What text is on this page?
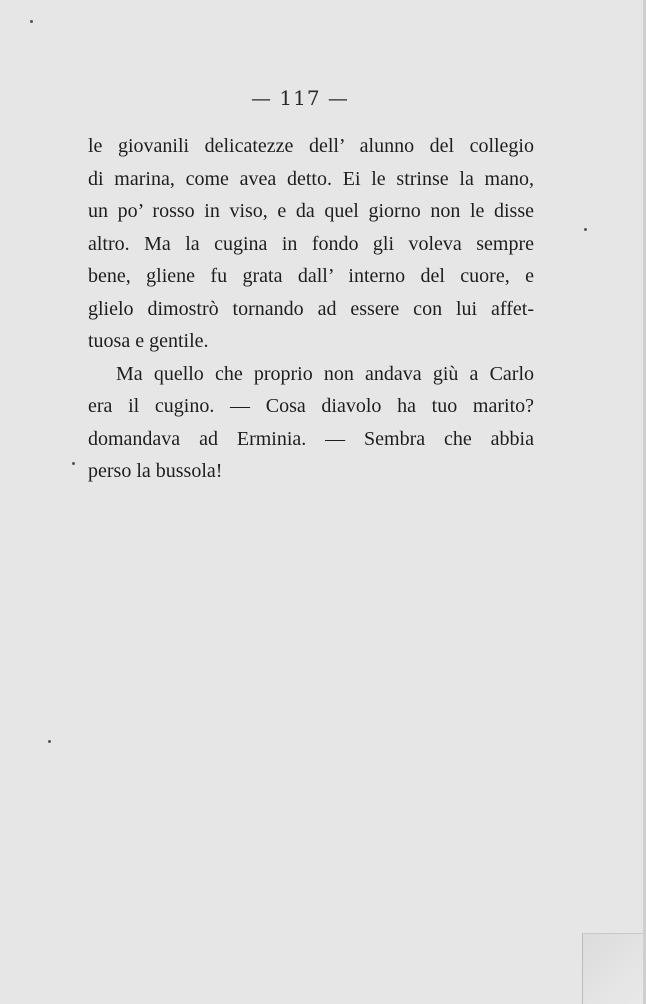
— 117 —

le giovanili delicatezze dell’ alunno del collegio
di marina, come avea detto. Ei le strinse la mano,
un po’ rosso in viso, e da quel giorno non le disse
altro. Ma la cugina in fondo gli voleva sempre
bene, gliene fu grata dall’ interno del cuore, e
glielo dimostrò tornando ad essere con lui affet-
tuosa e gentile.

Ma quello che proprio non andava giù a Carlo
era il cugino. — Cosa diavolo ha tuo marito?
domandava ad Erminia. — Sembra che abbia
perso la bussola!
